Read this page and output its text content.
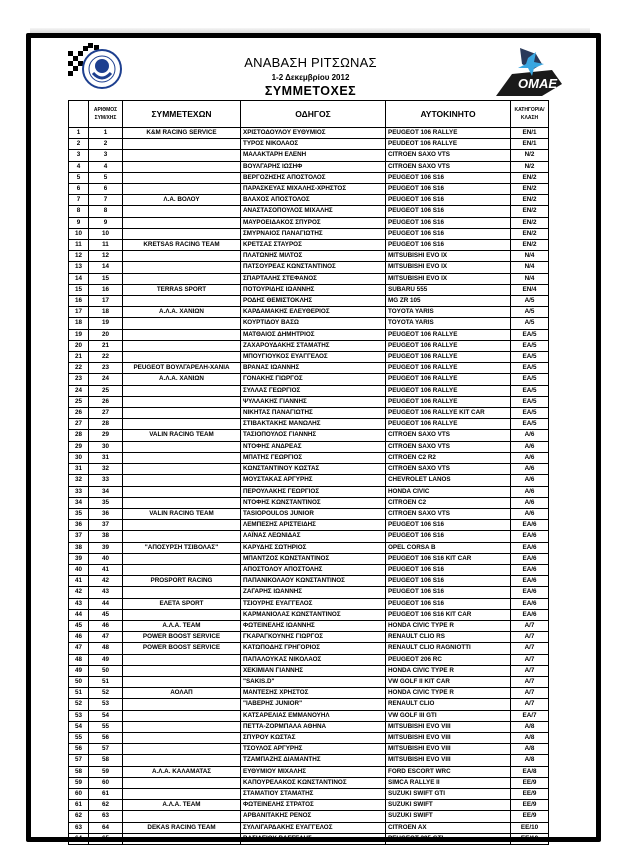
ΟΜΑΕ
ΑΝΑΒΑΣΗ ΡΙΤΣΩΝΑΣ
1-2 Δεκεμβρίου 2012
ΣΥΜΜΕΤΟΧΕΣ
	ΑΡΙΘΜΟΣ ΣΥΜ/ΧΗΣ	ΣΥΜΜΕΤΕΧΩΝ	ΟΔΗΓΟΣ	ΑΥΤΟΚΙΝΗΤΟ	ΚΑΤΗΓΟΡΙΑ/ ΚΛΑΣΗ
1	1	K&M RACING SERVICE	ΧΡΙΣΤΟΔΟΥΛΟΥ ΕΥΘΥΜΙΟΣ	PEUGEOT 106 RALLYE	EN/1
2	2		ΤΥΡΟΣ ΝΙΚΟΛΑΟΣ	PEUDEOT 106 RALLYE	EN/1
3	3		ΜΑΛΑΚΤΑΡΗ ΕΛΕΝΗ	CITROEN SAXO VTS	N/2
4	4		ΒΟΥΛΓΑΡΗΣ ΙΩΣΗΦ	CITROEN SAXO VTS	N/2
5	5		ΒΕΡΓΟΖΗΣΗΣ ΑΠΟΣΤΟΛΟΣ	PEUGEOT 106 S16	EN/2
6	6		ΠΑΡΑΣΚΕΥΑΣ ΜΙΧΑΛΗΣ-ΧΡΗΣΤΟΣ	PEUGEOT 106 S16	EN/2
7	7	Λ.Α. ΒΟΛΟΥ	ΒΛΑΧΟΣ ΑΠΟΣΤΟΛΟΣ	PEUGEOT 106 S16	EN/2
8	8		ΑΝΑΣΤΑΣΟΠΟΥΛΟΣ ΜΙΧΑΛΗΣ	PEUGEOT 106 S16	EN/2
9	9		ΜΑΥΡΟΕΙΔΑΚΟΣ ΣΠΥΡΟΣ	PEUGEOT 106 S16	EN/2
10	10		ΣΜΥΡΝΑΙΟΣ ΠΑΝΑΓΙΩΤΗΣ	PEUGEOT 106 S16	EN/2
11	11	KRETSAS RACING TEAM	ΚΡΕΤΣΑΣ ΣΤΑΥΡΟΣ	PEUGEOT 106 S16	EN/2
12	12		ΠΛΑΤΩΝΗΣ ΜΙΛΤΟΣ	MITSUBISHI EVO IX	N/4
13	14		ΠΑΤΣΟΥΡΕΑΣ ΚΩΝΣΤΑΝΤΙΝΟΣ	MITSUBISHI EVO IX	N/4
14	15		ΣΠΑΡΤΑΛΗΣ ΣΤΕΦΑΝΟΣ	MITSUBISHI EVO IX	N/4
15	16	TERRAS SPORT	ΠΟΤΟΥΡΙΔΗΣ ΙΩΑΝΝΗΣ	SUBARU 555	EN/4
16	17		ΡΟΔΗΣ ΘΕΜΙΣΤΟΚΛΗΣ	MG ZR 105	A/5
17	18	Α.Λ.Α. ΧΑΝΙΩΝ	ΚΑΡΔΑΜΑΚΗΣ ΕΛΕΥΘΕΡΙΟΣ	TOYOTA YARIS	A/5
18	19		ΚΟΥΡΤΙΔΟΥ ΒΑΣΩ	TOYOTA YARIS	A/5
19	20		ΜΑΤΘΑΙΟΣ ΔΗΜΗΤΡΙΟΣ	PEUGEOT 106 RALLYE	EA/5
20	21		ΖΑΧΑΡΟΥΔΑΚΗΣ ΣΤΑΜΑΤΗΣ	PEUGEOT 106 RALLYE	EA/5
21	22		ΜΠΟΥΓΙΟΥΚΟΣ ΕΥΑΓΓΕΛΟΣ	PEUGEOT 106 RALLYE	EA/5
22	23	PEUGEOT ΒΟΥΛΓΑΡΕΛΗ-ΧΑΝΙΑ	ΒΡΑΝΑΣ ΙΩΑΝΝΗΣ	PEUGEOT 106 RALLYE	EA/5
23	24	Α.Λ.Α. ΧΑΝΙΩΝ	ΓΟΝΑΚΗΣ ΓΙΩΡΓΟΣ	PEUGEOT 106 RALLYE	EA/5
24	25		ΣΥΛΛΑΣ ΓΕΩΡΓΙΟΣ	PEUGEOT 106 RALLYE	EA/5
25	26		ΨΥΛΛΑΚΗΣ ΓΙΑΝΝΗΣ	PEUGEOT 106 RALLYE	EA/5
26	27		ΝΙΚΗΤΑΣ ΠΑΝΑΓΙΩΤΗΣ	PEUGEOT 106 RALLYE KIT CAR	EA/5
27	28		ΣΤΙΒΑΚΤΑΚΗΣ ΜΑΝΩΛΗΣ	PEUGEOT 106 RALLYE	EA/5
28	29	VALIN RACING TEAM	ΤΑΣΙΟΠΟΥΛΟΣ ΓΙΑΝΝΗΣ	CITROEN SAXO VTS	A/6
29	30		ΝΤΟΦΗΣ ΑΝΔΡΕΑΣ	CITROEN SAXO VTS	A/6
30	31		ΜΠΑΤΗΣ ΓΕΩΡΓΙΟΣ	CITROEN C2 R2	A/6
31	32		ΚΩΝΣΤΑΝΤΙΝΟΥ ΚΩΣΤΑΣ	CITROEN SAXO VTS	A/6
32	33		ΜΟΥΣΤΑΚΑΣ ΑΡΓΥΡΗΣ	CHEVROLET LANOS	A/6
33	34		ΠΕΡΟΥΛΑΚΗΣ ΓΕΩΡΓΙΟΣ	HONDA CIVIC	A/6
34	35		ΝΤΟΦΗΣ ΚΩΝΣΤΑΝΤΙΝΟΣ	CITROEN C2	A/6
35	36	VALIN RACING TEAM	TASIOPOULOS JUNIOR	CITROEN SAXO VTS	A/6
36	37		ΛΕΜΠΕΣΗΣ ΑΡΙΣΤΕΙΔΗΣ	PEUGEOT 106 S16	EA/6
37	38		ΛΑΪΝΑΣ ΛΕΩΝΙΔΑΣ	PEUGEOT 106 S16	EA/6
38	39	"ΑΠΟΣΥΡΣΗ ΤΣΙΒΟΛΑΣ"	ΚΑΡΥΔΗΣ ΣΩΤΗΡΙΟΣ	OPEL CORSA B	EA/6
39	40		ΜΠΑΝΤΖΟΣ ΚΩΝΣΤΑΝΤΙΝΟΣ	PEUGEOT 106 S16 KIT CAR	EA/6
40	41		ΑΠΟΣΤΟΛΟΥ ΑΠΟΣΤΟΛΗΣ	PEUGEOT 106 S16	EA/6
41	42	PROSPORT RACING	ΠΑΠΑΝΙΚΟΛΑΟΥ ΚΩΝΣΤΑΝΤΙΝΟΣ	PEUGEOT 106 S16	EA/6
42	43		ΖΑΓΑΡΗΣ ΙΩΑΝΝΗΣ	PEUGEOT 106 S16	EA/6
43	44	ΕΛΕΤΑ SPORT	ΤΣΙΟΥΡΗΣ ΕΥΑΓΓΕΛΟΣ	PEUGEOT 106 S16	EA/6
44	45		ΚΑΡΜΑΝΙΟΛΑΣ ΚΩΝΣΤΑΝΤΙΝΟΣ	PEUGEOT 106 S16 KIT CAR	EA/6
45	46	Α.Λ.Α. TEAM	ΦΩΤΕΙΝΕΛΗΣ ΙΩΑΝΝΗΣ	HONDA CIVIC TYPE R	A/7
46	47	POWER BOOST SERVICE	ΓΚΑΡΑΓΚΟΥΝΗΣ ΓΙΩΡΓΟΣ	RENAULT CLIO RS	A/7
47	48	POWER BOOST SERVICE	ΚΑΤΩΠΟΔΗΣ ΓΡΗΓΟΡΙΟΣ	RENAULT CLIO RAGNIOTTI	A/7
48	49		ΠΑΠΑΛΟΥΚΑΣ ΝΙΚΟΛΑΟΣ	PEUGEOT 206 RC	A/7
49	50		ΧΕΚΙΜΙΑΝ ΓΙΑΝΝΗΣ	HONDA CIVIC TYPE R	A/7
50	51		"SAKIS.D"	VW GOLF II KIT CAR	A/7
51	52	ΑΟΛΑΠ	ΜΑΝΤΕΣΗΣ ΧΡΗΣΤΟΣ	HONDA CIVIC TYPE R	A/7
52	53		"ΙΑΒΕΡΗΣ JUNIOR"	RENAULT CLIO	A/7
53	54		ΚΑΤΣΑΡΕΛΙΑΣ ΕΜΜΑΝΟΥΗΛ	VW GOLF III GTI	EA/7
54	55		ΠΕΤΤΑ-ΖΟΡΜΠΑΛΑ ΑΘΗΝΑ	MITSUBISHI EVO VIII	A/8
55	56		ΣΠΥΡΟΥ ΚΩΣΤΑΣ	MITSUBISHI EVO VIII	A/8
56	57		ΤΣΟΥΛΟΣ ΑΡΓΥΡΗΣ	MITSUBISHI EVO VIII	A/8
57	58		ΤΖΑΜΠΑΖΗΣ ΔΙΑΜΑΝΤΗΣ	MITSUBISHI EVO VIII	A/8
58	59	Α.Λ.Α. ΚΑΛΑΜΑΤΑΣ	ΕΥΘΥΜΙΟΥ ΜΙΧΑΛΗΣ	FORD ESCORT WRC	EA/8
59	60		ΚΑΠΟΥΡΕΛΑΚΟΣ ΚΩΝΣΤΑΝΤΙΝΟΣ	SIMCA RALLYE II	EE/9
60	61		ΣΤΑΜΑΤΙΟΥ ΣΤΑΜΑΤΗΣ	SUZUKI SWIFT GTI	EE/9
61	62	Α.Λ.Α. TEAM	ΦΩΤΕΙΝΕΛΗΣ ΣΤΡΑΤΟΣ	SUZUKI SWIFT	EE/9
62	63		ΑΡΒΑΝΙΤΑΚΗΣ ΡΕΝΟΣ	SUZUKI SWIFT	EE/9
63	64	DEKAS RACING TEAM	ΣΥΛΛΙΓΑΡΔΑΚΗΣ ΕΥΑΓΓΕΛΟΣ	CITROEN AX	EE/10
64	65		ΒΑΣΙΛΕΙΟΥ ΒΑΓΓΕΛΗΣ	PEUGEOT 205 GTI	EE/10
